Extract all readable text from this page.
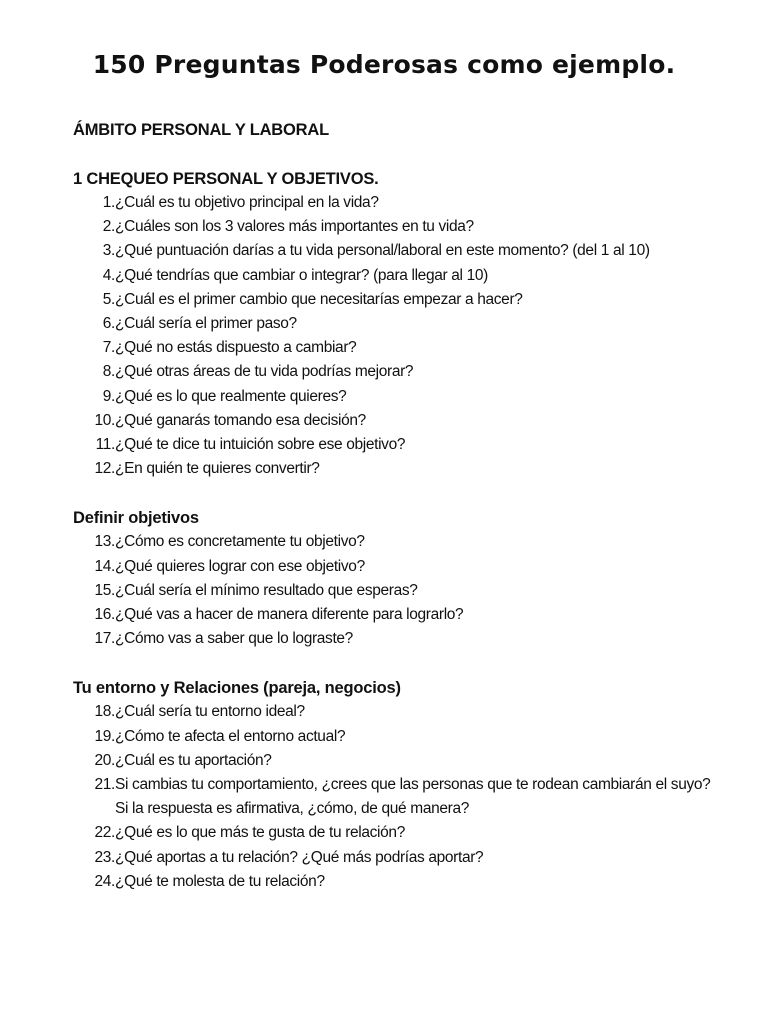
150 Preguntas Poderosas como ejemplo.
ÁMBITO PERSONAL Y LABORAL
1 CHEQUEO PERSONAL Y OBJETIVOS.
1. ¿Cuál es tu objetivo principal en la vida?
2. ¿Cuáles son los 3 valores más importantes en tu vida?
3. ¿Qué puntuación darías a tu vida personal/laboral en este momento? (del 1 al 10)
4. ¿Qué tendrías que cambiar o integrar? (para llegar al 10)
5. ¿Cuál es el primer cambio que necesitarías empezar a hacer?
6. ¿Cuál sería el primer paso?
7. ¿Qué no estás dispuesto a cambiar?
8. ¿Qué otras áreas de tu vida podrías mejorar?
9. ¿Qué es lo que realmente quieres?
10. ¿Qué ganarás tomando esa decisión?
11. ¿Qué te dice tu intuición sobre ese objetivo?
12. ¿En quién te quieres convertir?
Definir objetivos
13. ¿Cómo es concretamente tu objetivo?
14. ¿Qué quieres lograr con ese objetivo?
15. ¿Cuál sería el mínimo resultado que esperas?
16. ¿Qué vas a hacer de manera diferente para lograrlo?
17. ¿Cómo vas a saber que lo lograste?
Tu entorno y Relaciones (pareja, negocios)
18. ¿Cuál sería tu entorno ideal?
19. ¿Cómo te afecta el entorno actual?
20. ¿Cuál es tu aportación?
21. Si cambias tu comportamiento, ¿crees que las personas que te rodean cambiarán el suyo? Si la respuesta es afirmativa, ¿cómo, de qué manera?
22. ¿Qué es lo que más te gusta de tu relación?
23. ¿Qué aportas a tu relación? ¿Qué más podrías aportar?
24. ¿Qué te molesta de tu relación?
